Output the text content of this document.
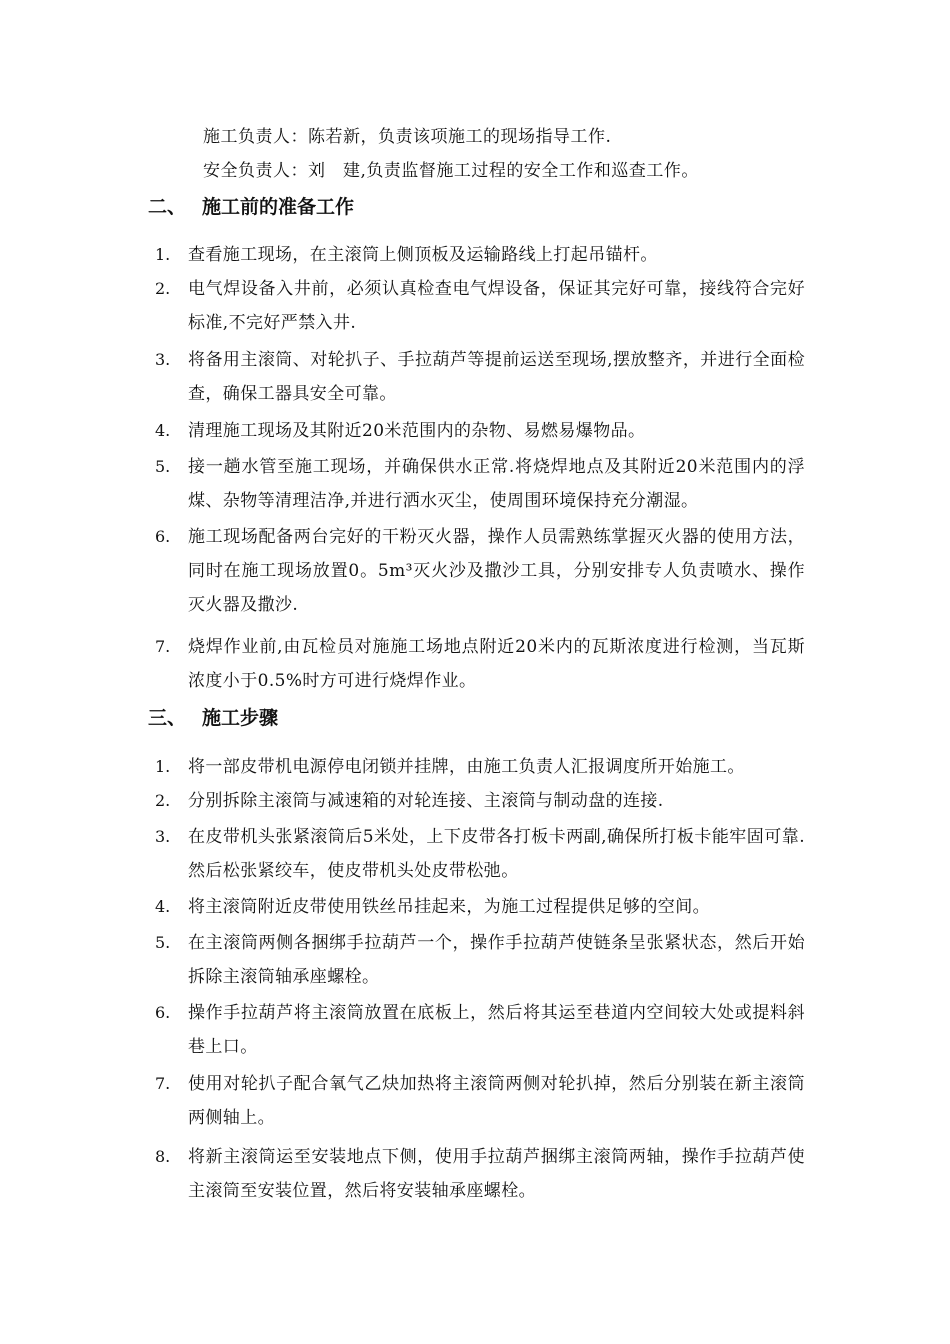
施工负责人：陈若新，负责该项施工的现场指导工作.
安全负责人：刘　建,负责监督施工过程的安全工作和巡查工作。
二、 施工前的准备工作
1. 查看施工现场，在主滚筒上侧顶板及运输路线上打起吊锚杆。
2. 电气焊设备入井前，必须认真检查电气焊设备，保证其完好可靠，接线符合完好标准,不完好严禁入井.
3. 将备用主滚筒、对轮扒子、手拉葫芦等提前运送至现场,摆放整齐，并进行全面检查，确保工器具安全可靠。
4. 清理施工现场及其附近20米范围内的杂物、易燃易爆物品。
5. 接一趟水管至施工现场，并确保供水正常.将烧焊地点及其附近20米范围内的浮煤、杂物等清理洁净,并进行洒水灭尘，使周围环境保持充分潮湿。
6. 施工现场配备两台完好的干粉灭火器，操作人员需熟练掌握灭火器的使用方法，同时在施工现场放置0。5m³灭火沙及撒沙工具，分别安排专人负责喷水、操作灭火器及撒沙.
7. 烧焊作业前,由瓦检员对施施工场地点附近20米内的瓦斯浓度进行检测，当瓦斯浓度小于0.5%时方可进行烧焊作业。
三、 施工步骤
1. 将一部皮带机电源停电闭锁并挂牌，由施工负责人汇报调度所开始施工。
2. 分别拆除主滚筒与减速箱的对轮连接、主滚筒与制动盘的连接.
3. 在皮带机头张紧滚筒后5米处，上下皮带各打板卡两副,确保所打板卡能牢固可靠.然后松张紧绞车，使皮带机头处皮带松弛。
4. 将主滚筒附近皮带使用铁丝吊挂起来，为施工过程提供足够的空间。
5. 在主滚筒两侧各捆绑手拉葫芦一个，操作手拉葫芦使链条呈张紧状态，然后开始拆除主滚筒轴承座螺栓。
6. 操作手拉葫芦将主滚筒放置在底板上，然后将其运至巷道内空间较大处或提料斜巷上口。
7. 使用对轮扒子配合氧气乙炔加热将主滚筒两侧对轮扒掉，然后分别装在新主滚筒两侧轴上。
8. 将新主滚筒运至安装地点下侧，使用手拉葫芦捆绑主滚筒两轴，操作手拉葫芦使主滚筒至安装位置，然后将安装轴承座螺栓。
